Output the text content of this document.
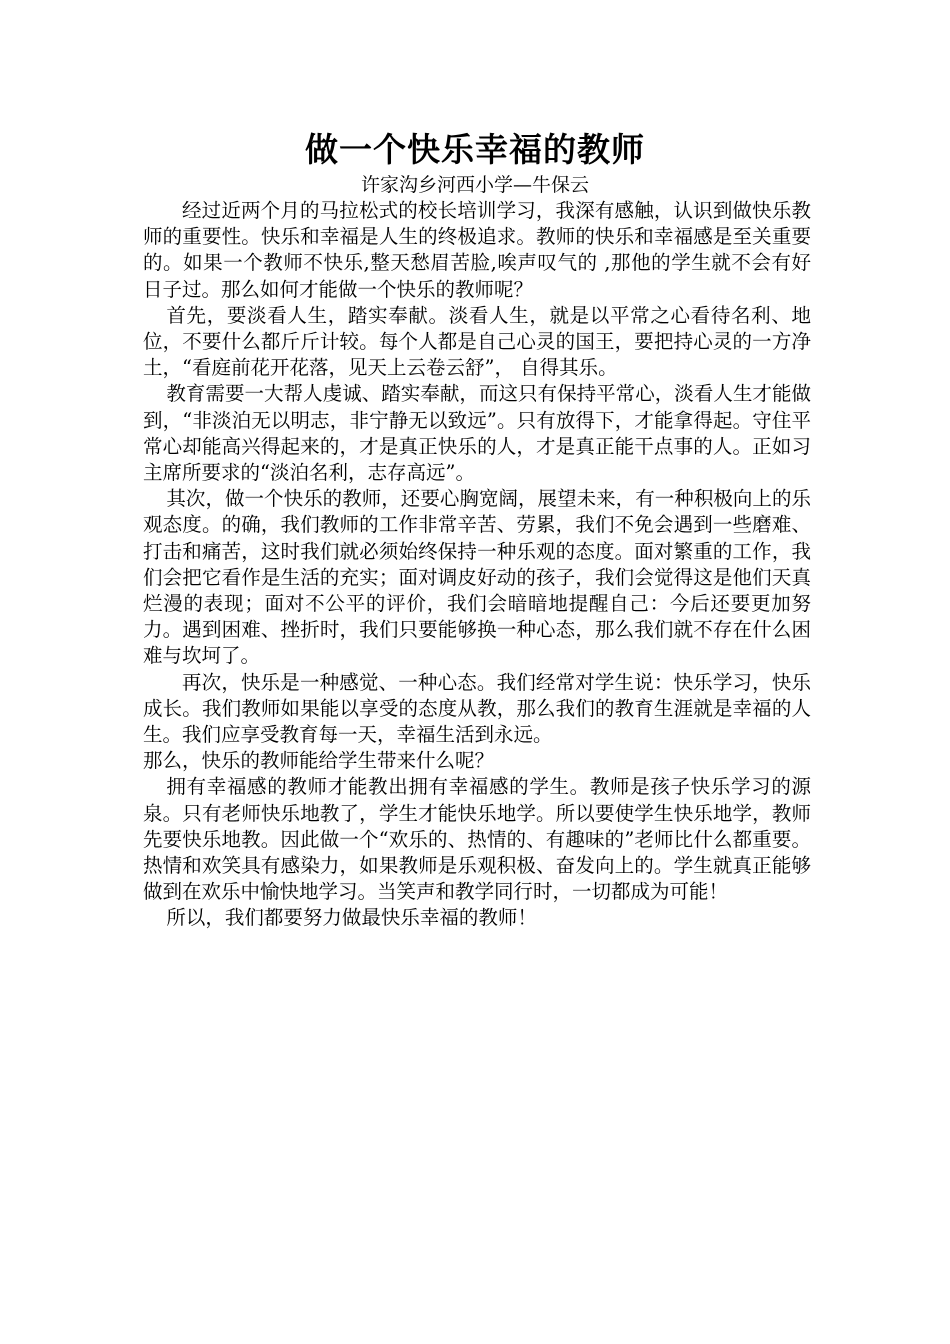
做一个快乐幸福的教师

许家沟乡河西小学—牛保云

经过近两个月的马拉松式的校长培训学习，我深有感触，认识到做快乐教师的重要性。快乐和幸福是人生的终极追求。教师的快乐和幸福感是至关重要的。如果一个教师不快乐,整天愁眉苦脸,唉声叹气的 ,那他的学生就不会有好日子过。那么如何才能做一个快乐的教师呢？

首先，要淡看人生，踏实奉献。淡看人生，就是以平常之心看待名利、地位，不要什么都斤斤计较。每个人都是自己心灵的国王，要把持心灵的一方净土，“看庭前花开花落，见天上云卷云舒”， 自得其乐。

教育需要一大帮人虔诚、踏实奉献，而这只有保持平常心，淡看人生才能做到，“非淡泊无以明志，非宁静无以致远”。只有放得下，才能拿得起。守住平常心却能高兴得起来的，才是真正快乐的人，才是真正能干点事的人。正如习主席所要求的“淡泊名利，志存高远”。

其次，做一个快乐的教师，还要心胸宽阔，展望未来，有一种积极向上的乐观态度。的确，我们教师的工作非常辛苦、劳累，我们不免会遇到一些磨难、打击和痛苦，这时我们就必须始终保持一种乐观的态度。面对繁重的工作，我们会把它看作是生活的充实；面对调皮好动的孩子，我们会觉得这是他们天真烂漫的表现；面对不公平的评价，我们会暗暗地提醒自己：今后还要更加努力。遇到困难、挫折时，我们只要能够换一种心态，那么我们就不存在什么困难与坎坷了。

再次，快乐是一种感觉、一种心态。我们经常对学生说：快乐学习，快乐成长。我们教师如果能以享受的态度从教，那么我们的教育生涯就是幸福的人生。我们应享受教育每一天，幸福生活到永远。

那么，快乐的教师能给学生带来什么呢？

拥有幸福感的教师才能教出拥有幸福感的学生。教师是孩子快乐学习的源泉。只有老师快乐地教了，学生才能快乐地学。所以要使学生快乐地学，教师先要快乐地教。因此做一个“欢乐的、热情的、有趣味的”老师比什么都重要。热情和欢笑具有感染力，如果教师是乐观积极、奋发向上的。学生就真正能够做到在欢乐中愉快地学习。当笑声和教学同行时，一切都成为可能！

所以，我们都要努力做最快乐幸福的教师！
